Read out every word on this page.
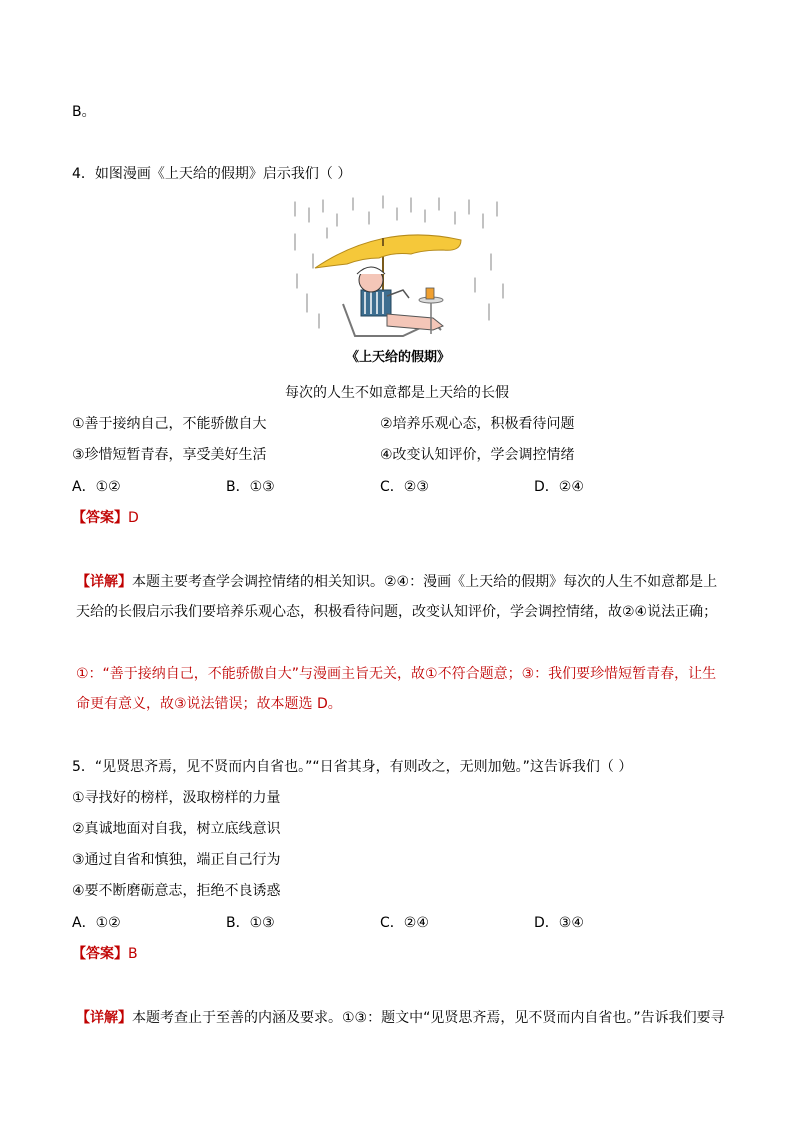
B。
4．如图漫画《上天给的假期》启示我们（ ）
《上天给的假期》
每次的人生不如意都是上天给的长假
①善于接纳自己，不能骄傲自大	②培养乐观心态，积极看待问题
③珍惜短暂青春，享受美好生活	④改变认知评价，学会调控情绪
A．①②	B．①③	C．②③	D．②④
【答案】D
【详解】本题主要考查学会调控情绪的相关知识。②④：漫画《上天给的假期》每次的人生不如意都是上天给的长假启示我们要培养乐观心态，积极看待问题，改变认知评价，学会调控情绪，故②④说法正确；
①：“善于接纳自己，不能骄傲自大”与漫画主旨无关，故①不符合题意；③：我们要珍惜短暂青春，让生命更有意义，故③说法错误；故本题选 D。
5．“见贤思齐焉，见不贤而内自省也。”“日省其身，有则改之，无则加勉。”这告诉我们（ ）
①寻找好的榜样，汲取榜样的力量
②真诚地面对自我，树立底线意识
③通过自省和慎独，端正自己行为
④要不断磨砺意志，拒绝不良诱惑
A．①②	B．①③	C．②④	D．③④
【答案】B
【详解】本题考查止于至善的内涵及要求。①③：题文中“见贤思齐焉，见不贤而内自省也。”告诉我们要寻
